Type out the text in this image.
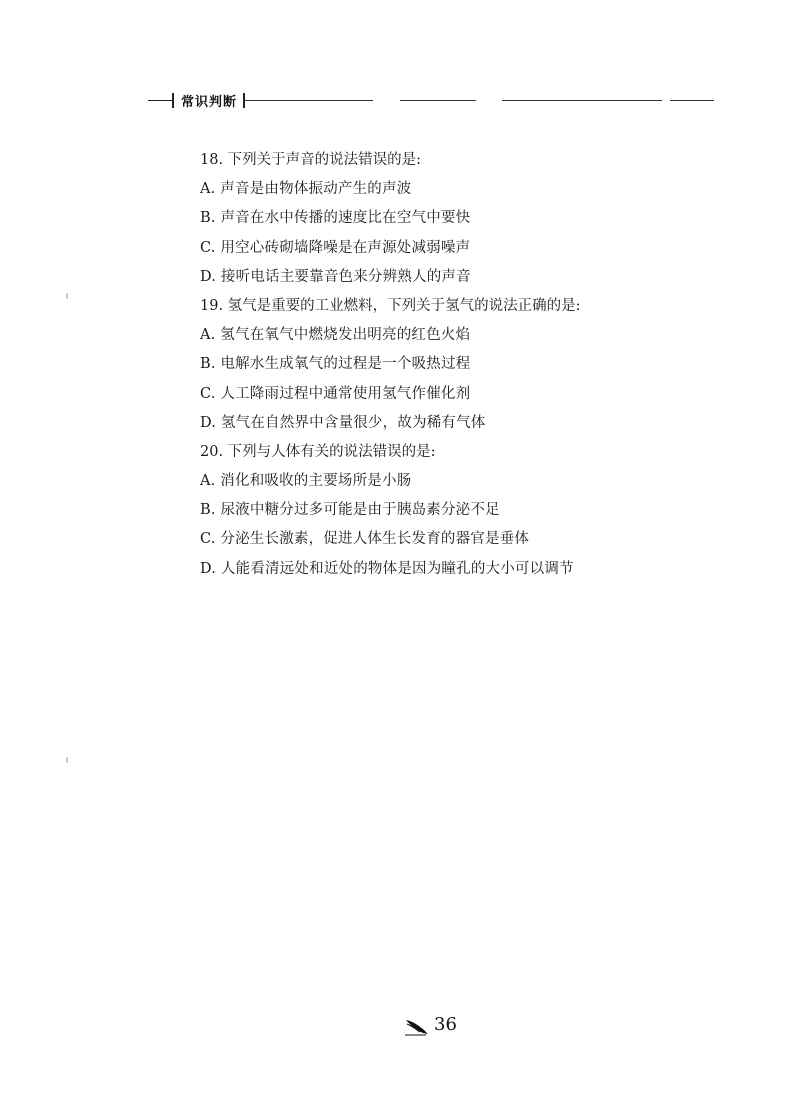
常识判断
18. 下列关于声音的说法错误的是:
A. 声音是由物体振动产生的声波
B. 声音在水中传播的速度比在空气中要快
C. 用空心砖砌墙降噪是在声源处减弱噪声
D. 接听电话主要靠音色来分辨熟人的声音
19. 氢气是重要的工业燃料，下列关于氢气的说法正确的是:
A. 氢气在氧气中燃烧发出明亮的红色火焰
B. 电解水生成氧气的过程是一个吸热过程
C. 人工降雨过程中通常使用氢气作催化剂
D. 氢气在自然界中含量很少，故为稀有气体
20. 下列与人体有关的说法错误的是:
A. 消化和吸收的主要场所是小肠
B. 尿液中糖分过多可能是由于胰岛素分泌不足
C. 分泌生长激素，促进人体生长发育的器官是垂体
D. 人能看清远处和近处的物体是因为瞳孔的大小可以调节
36
